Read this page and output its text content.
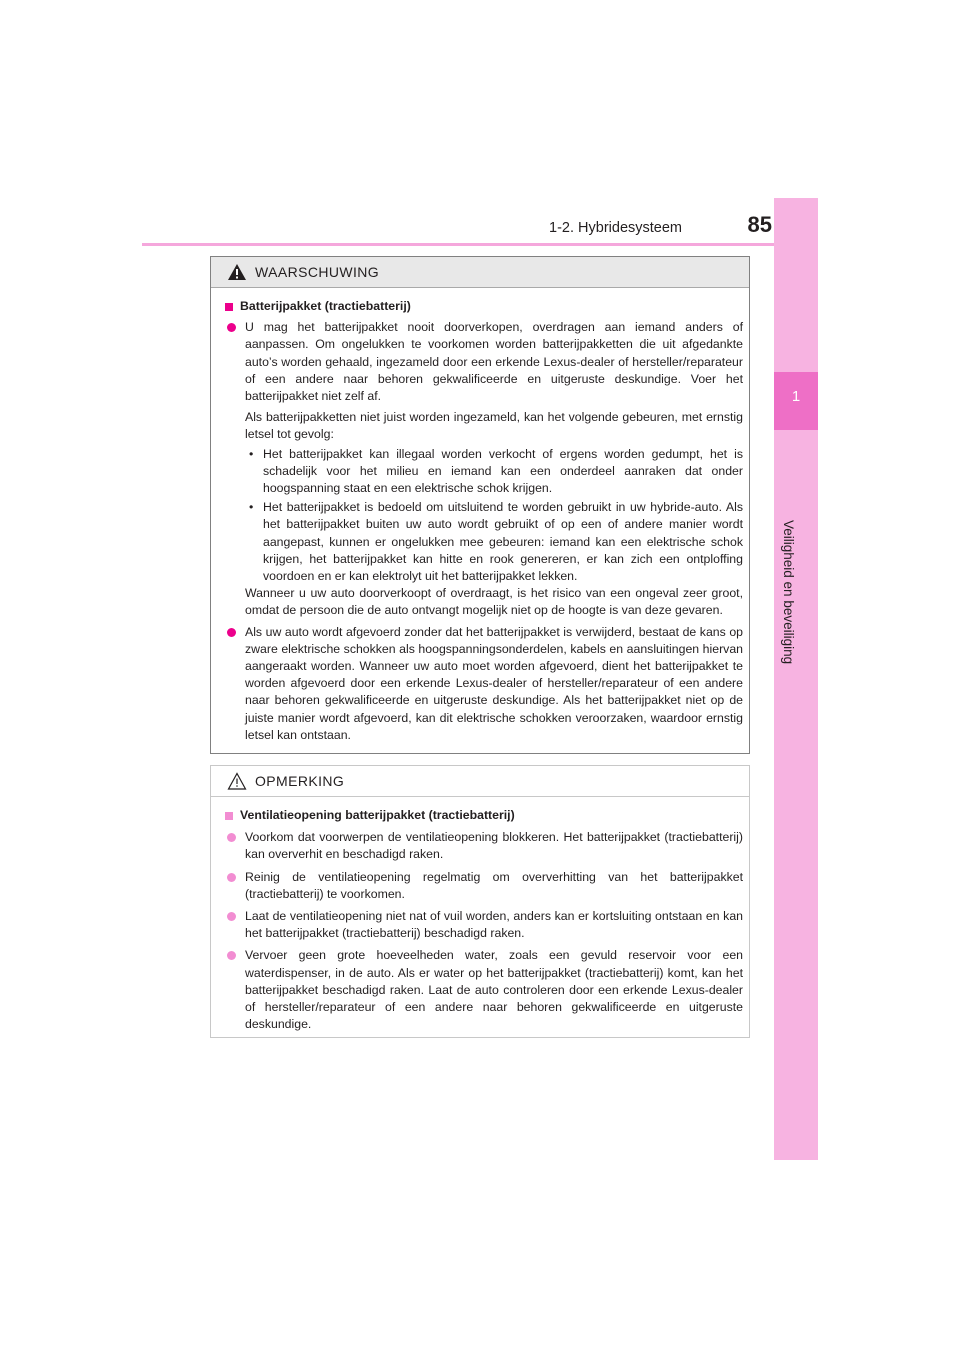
1-2. Hybridesysteem	85
1
Veiligheid en beveiliging
WAARSCHUWING
Batterijpakket (tractiebatterij)
U mag het batterijpakket nooit doorverkopen, overdragen aan iemand anders of aanpassen. Om ongelukken te voorkomen worden batterijpakketten die uit afgedankte auto’s worden gehaald, ingezameld door een erkende Lexus-dealer of hersteller/reparateur of een andere naar behoren gekwalificeerde en uitgeruste deskundige. Voer het batterijpakket niet zelf af.
Als batterijpakketten niet juist worden ingezameld, kan het volgende gebeuren, met ernstig letsel tot gevolg:
• Het batterijpakket kan illegaal worden verkocht of ergens worden gedumpt, het is schadelijk voor het milieu en iemand kan een onderdeel aanraken dat onder hoogspanning staat en een elektrische schok krijgen.
• Het batterijpakket is bedoeld om uitsluitend te worden gebruikt in uw hybride-auto. Als het batterijpakket buiten uw auto wordt gebruikt of op een of andere manier wordt aangepast, kunnen er ongelukken mee gebeuren: iemand kan een elektrische schok krijgen, het batterijpakket kan hitte en rook genereren, er kan zich een ontploffing voordoen en er kan elektrolyt uit het batterijpakket lekken.
Wanneer u uw auto doorverkoopt of overdraagt, is het risico van een ongeval zeer groot, omdat de persoon die de auto ontvangt mogelijk niet op de hoogte is van deze gevaren.
Als uw auto wordt afgevoerd zonder dat het batterijpakket is verwijderd, bestaat de kans op zware elektrische schokken als hoogspanningsonderdelen, kabels en aansluitingen hiervan aangeraakt worden. Wanneer uw auto moet worden afgevoerd, dient het batterijpakket te worden afgevoerd door een erkende Lexus-dealer of hersteller/reparateur of een andere naar behoren gekwalificeerde en uitgeruste deskundige. Als het batterijpakket niet op de juiste manier wordt afgevoerd, kan dit elektrische schokken veroorzaken, waardoor ernstig letsel kan ontstaan.
OPMERKING
Ventilatieopening batterijpakket (tractiebatterij)
Voorkom dat voorwerpen de ventilatieopening blokkeren. Het batterijpakket (tractiebatterij) kan oververhit en beschadigd raken.
Reinig de ventilatieopening regelmatig om oververhitting van het batterijpakket (tractiebatterij) te voorkomen.
Laat de ventilatieopening niet nat of vuil worden, anders kan er kortsluiting ontstaan en kan het batterijpakket (tractiebatterij) beschadigd raken.
Vervoer geen grote hoeveelheden water, zoals een gevuld reservoir voor een waterdispenser, in de auto. Als er water op het batterijpakket (tractiebatterij) komt, kan het batterijpakket beschadigd raken. Laat de auto controleren door een erkende Lexus-dealer of hersteller/reparateur of een andere naar behoren gekwalificeerde en uitgeruste deskundige.
